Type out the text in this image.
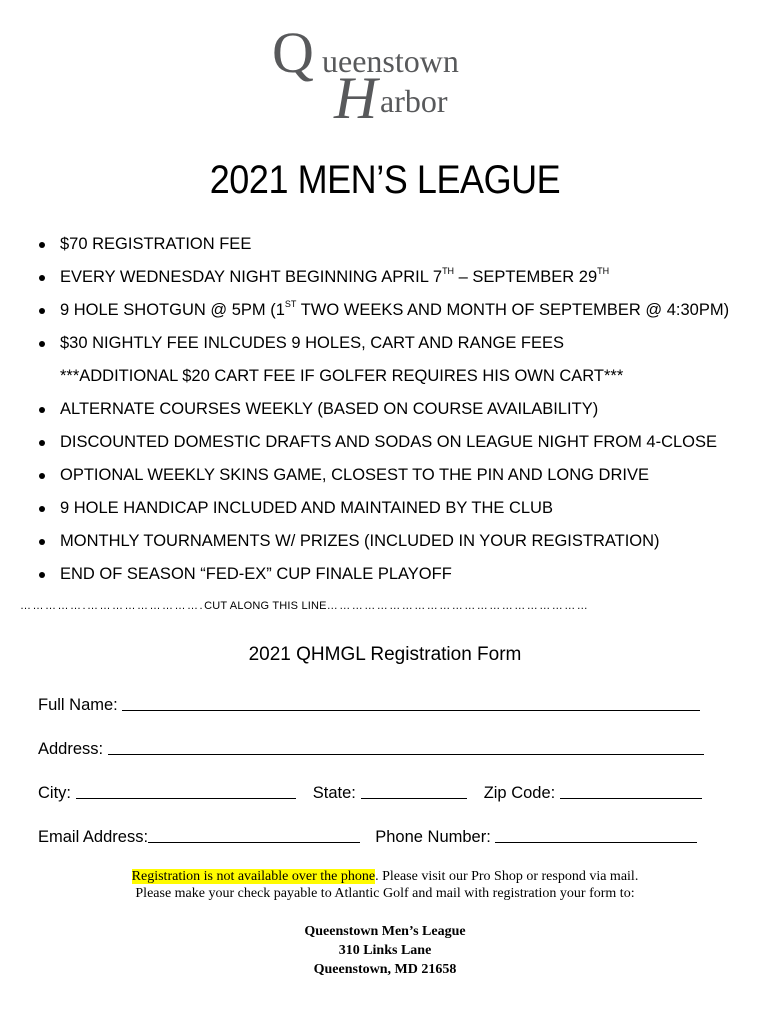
Q ueenstown
H arbor
2021 MEN’S LEAGUE
$70 REGISTRATION FEE
EVERY WEDNESDAY NIGHT BEGINNING APRIL 7TH – SEPTEMBER 29TH
9 HOLE SHOTGUN @ 5PM (1ST TWO WEEKS AND MONTH OF SEPTEMBER @ 4:30PM)
$30 NIGHTLY FEE INLCUDES 9 HOLES, CART AND RANGE FEES
***ADDITIONAL $20 CART FEE IF GOLFER REQUIRES HIS OWN CART***
ALTERNATE COURSES WEEKLY (BASED ON COURSE AVAILABILITY)
DISCOUNTED DOMESTIC DRAFTS AND SODAS ON LEAGUE NIGHT FROM 4-CLOSE
OPTIONAL WEEKLY SKINS GAME, CLOSEST TO THE PIN AND LONG DRIVE
9 HOLE HANDICAP INCLUDED AND MAINTAINED BY THE CLUB
MONTHLY TOURNAMENTS W/ PRIZES (INCLUDED IN YOUR REGISTRATION)
END OF SEASON “FED-EX” CUP FINALE PLAYOFF
…………….……………………….CUT ALONG THIS LINE………………………………………………………
2021 QHMGL Registration Form
Full Name:
Address:
City:	State:	Zip Code:
Email Address:	Phone Number:
Registration is not available over the phone. Please visit our Pro Shop or respond via mail.
Please make your check payable to Atlantic Golf and mail with registration your form to:
Queenstown Men’s League
310 Links Lane
Queenstown, MD 21658
